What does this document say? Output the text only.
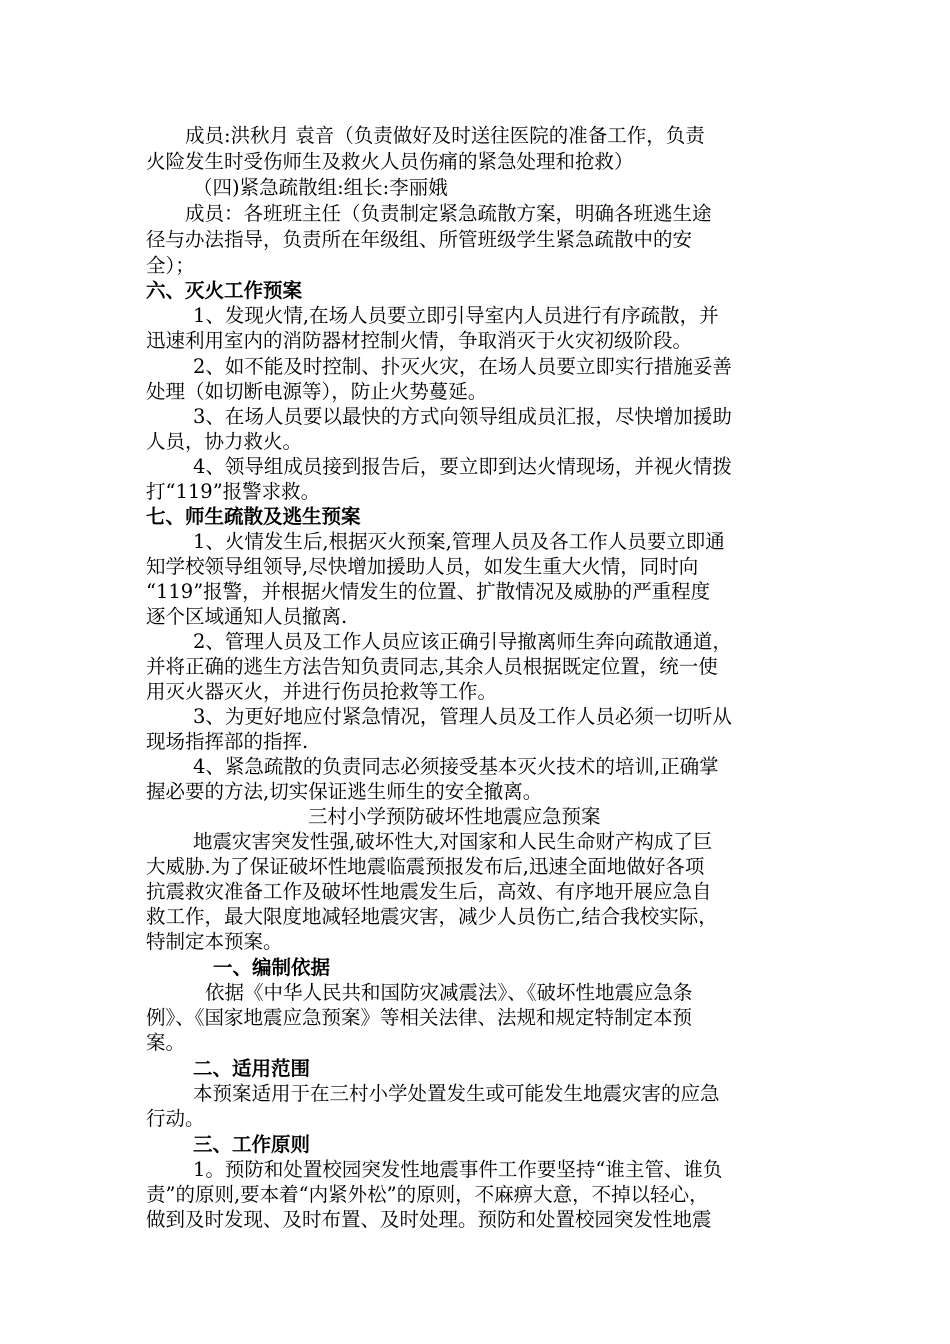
成员:洪秋月 袁音（负责做好及时送往医院的准备工作，负责
火险发生时受伤师生及救火人员伤痛的紧急处理和抢救）
（四)紧急疏散组:组长:李丽娥
成员：各班班主任（负责制定紧急疏散方案，明确各班逃生途
径与办法指导，负责所在年级组、所管班级学生紧急疏散中的安
全）；
六、灭火工作预案
1、发现火情,在场人员要立即引导室内人员进行有序疏散，并
迅速利用室内的消防器材控制火情，争取消灭于火灾初级阶段。
2、如不能及时控制、扑灭火灾，在场人员要立即实行措施妥善
处理（如切断电源等），防止火势蔓延。
3、在场人员要以最快的方式向领导组成员汇报，尽快增加援助
人员，协力救火。
4、领导组成员接到报告后，要立即到达火情现场，并视火情拨
打“119”报警求救。
七、师生疏散及逃生预案
1、火情发生后,根据灭火预案,管理人员及各工作人员要立即通
知学校领导组领导,尽快增加援助人员，如发生重大火情，同时向
“119”报警，并根据火情发生的位置、扩散情况及威胁的严重程度
逐个区域通知人员撤离.
2、管理人员及工作人员应该正确引导撤离师生奔向疏散通道，
并将正确的逃生方法告知负责同志,其余人员根据既定位置，统一使
用灭火器灭火，并进行伤员抢救等工作。
3、为更好地应付紧急情况，管理人员及工作人员必须一切听从
现场指挥部的指挥.
4、紧急疏散的负责同志必须接受基本灭火技术的培训,正确掌
握必要的方法,切实保证逃生师生的安全撤离。
三村小学预防破坏性地震应急预案
地震灾害突发性强,破坏性大,对国家和人民生命财产构成了巨
大威胁.为了保证破坏性地震临震预报发布后,迅速全面地做好各项
抗震救灾准备工作及破坏性地震发生后，高效、有序地开展应急自
救工作，最大限度地减轻地震灾害，减少人员伤亡,结合我校实际，
特制定本预案。
一、编制依据
依据《中华人民共和国防灾减震法》、《破坏性地震应急条
例》、《国家地震应急预案》等相关法律、法规和规定特制定本预
案。
二、适用范围
本预案适用于在三村小学处置发生或可能发生地震灾害的应急
行动。
三、工作原则
1。预防和处置校园突发性地震事件工作要坚持“谁主管、谁负
责”的原则,要本着“内紧外松”的原则，不麻痹大意，不掉以轻心，
做到及时发现、及时布置、及时处理。预防和处置校园突发性地震
